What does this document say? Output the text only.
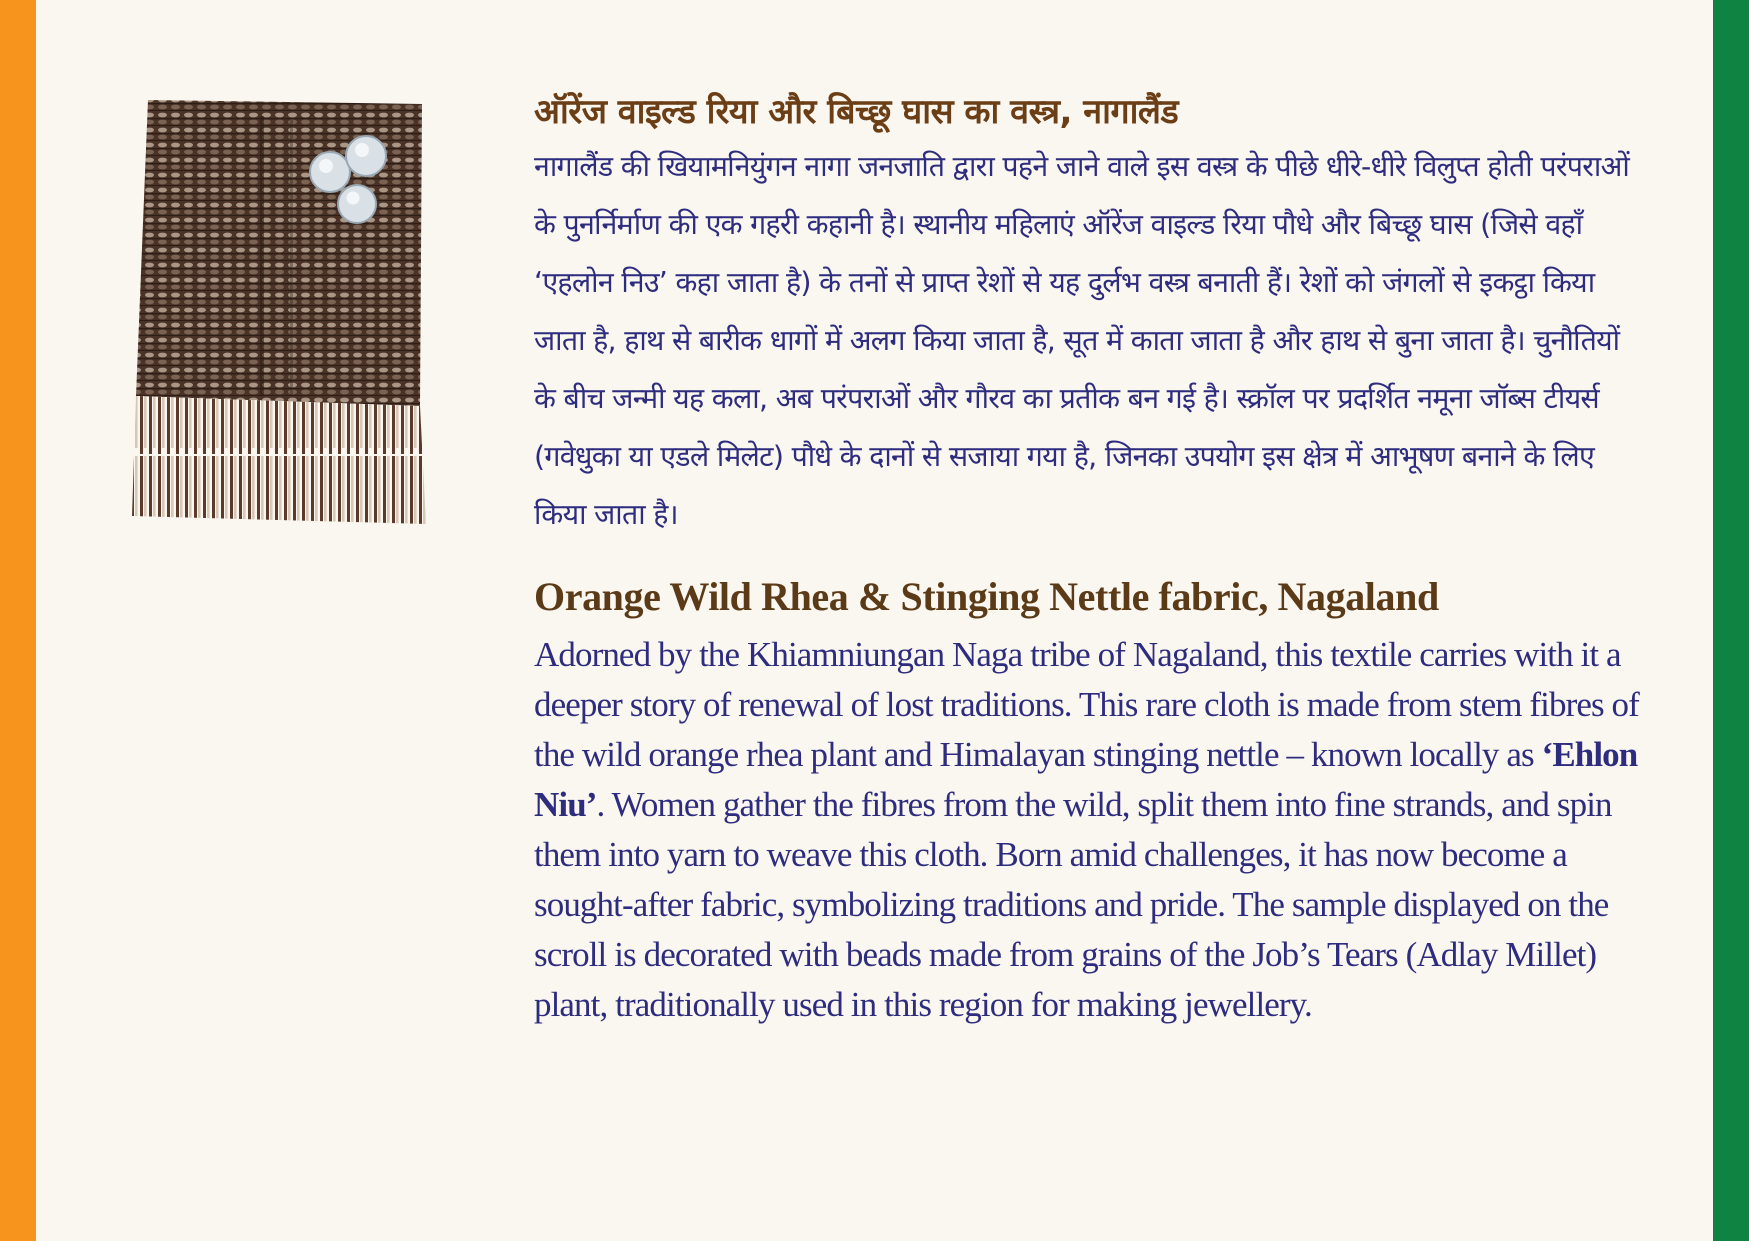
ऑरेंज वाइल्ड रिया और बिच्छू घास का वस्त्र, नागालैंड

नागालैंड की खियामनियुंगन नागा जनजाति द्वारा पहने जाने वाले इस वस्त्र के पीछे धीरे-धीरे विलुप्त होती परंपराओं के पुनर्निर्माण की एक गहरी कहानी है। स्थानीय महिलाएं ऑरेंज वाइल्ड रिया पौधे और बिच्छू घास (जिसे वहाँ ‘एहलोन निउ’ कहा जाता है) के तनों से प्राप्त रेशों से यह दुर्लभ वस्त्र बनाती हैं। रेशों को जंगलों से इकट्ठा किया जाता है, हाथ से बारीक धागों में अलग किया जाता है, सूत में काता जाता है और हाथ से बुना जाता है। चुनौतियों के बीच जन्मी यह कला, अब परंपराओं और गौरव का प्रतीक बन गई है। स्क्रॉल पर प्रदर्शित नमूना जॉब्स टीयर्स (गवेधुका या एडले मिलेट) पौधे के दानों से सजाया गया है, जिनका उपयोग इस क्षेत्र में आभूषण बनाने के लिए किया जाता है।

Orange Wild Rhea & Stinging Nettle fabric, Nagaland

Adorned by the Khiamniungan Naga tribe of Nagaland, this textile carries with it a deeper story of renewal of lost traditions. This rare cloth is made from stem fibres of the wild orange rhea plant and Himalayan stinging nettle – known locally as ‘Ehlon Niu’. Women gather the fibres from the wild, split them into fine strands, and spin them into yarn to weave this cloth. Born amid challenges, it has now become a sought-after fabric, symbolizing traditions and pride. The sample displayed on the scroll is decorated with beads made from grains of the Job’s Tears (Adlay Millet) plant, traditionally used in this region for making jewellery.
